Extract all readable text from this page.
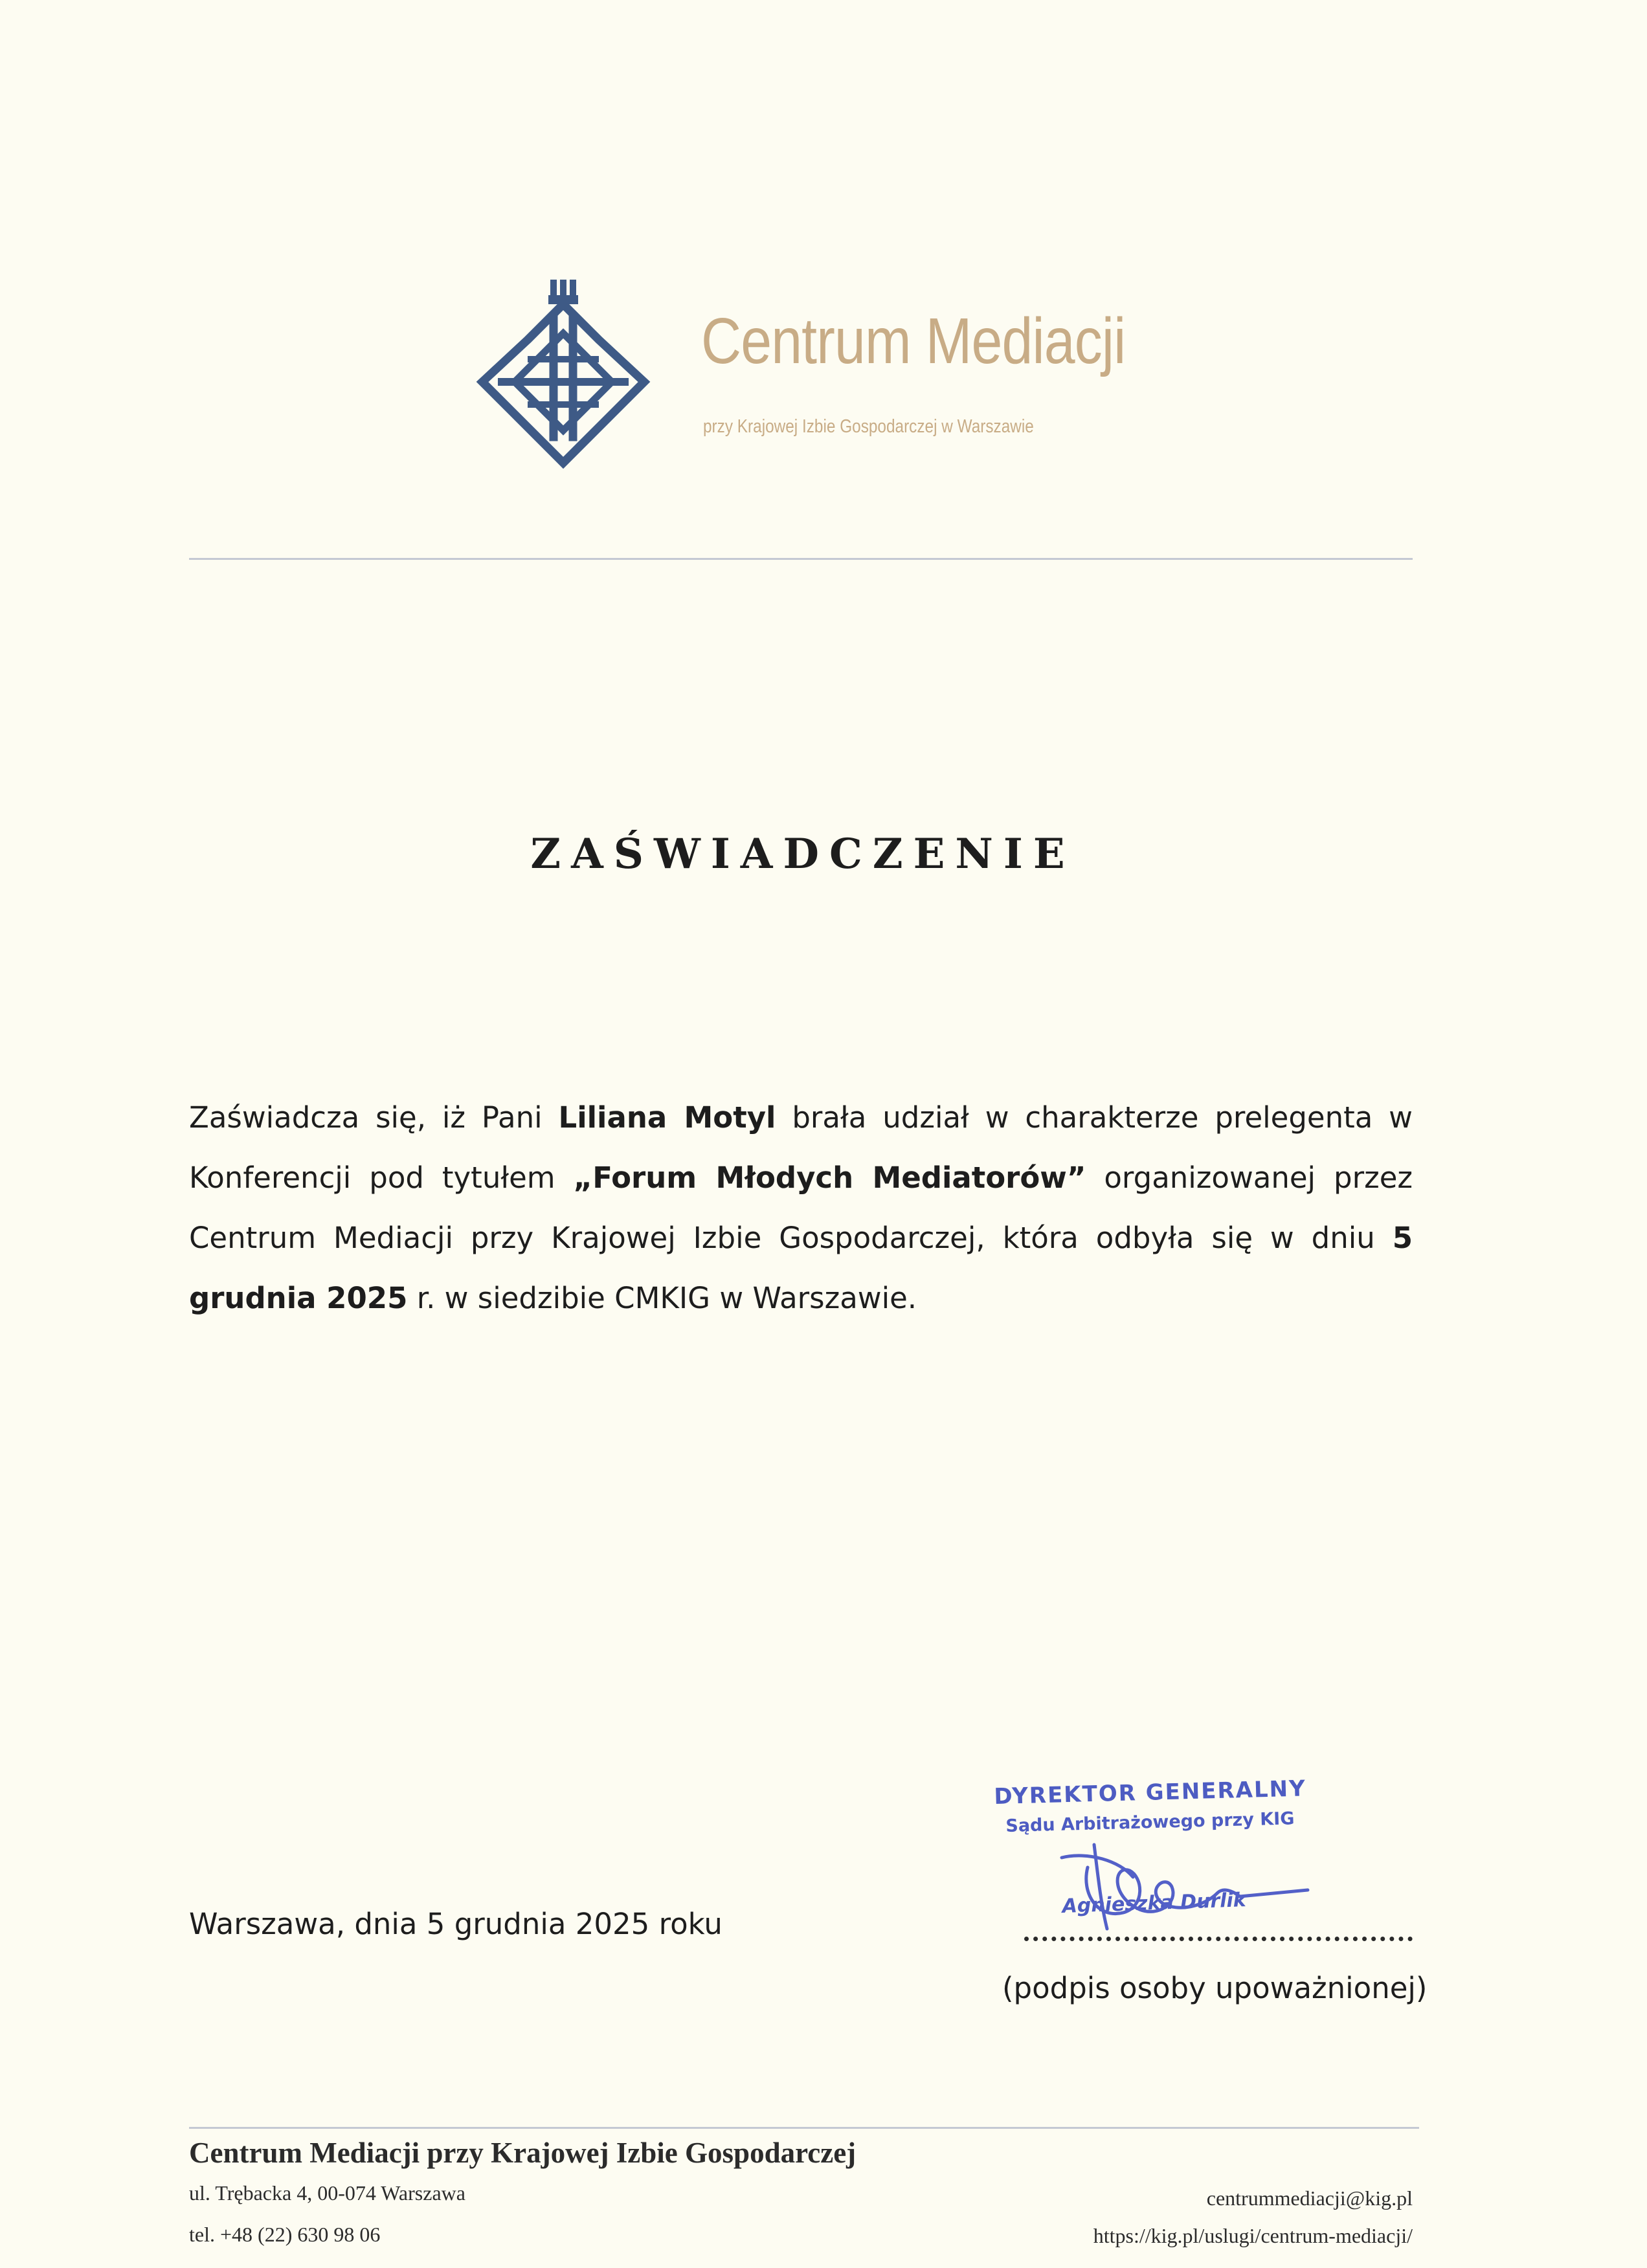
Centrum Mediacji

przy Krajowej Izbie Gospodarczej w Warszawie

ZAŚWIADCZENIE

Zaświadcza się, iż Pani Liliana Motyl brała udział w charakterze prelegenta w Konferencji pod tytułem „Forum Młodych Mediatorów” organizowanej przez Centrum Mediacji przy Krajowej Izbie Gospodarczej, która odbyła się w dniu 5 grudnia 2025 r. w siedzibie CMKIG w Warszawie.

Warszawa, dnia 5 grudnia 2025 roku

DYREKTOR GENERALNY

Sądu Arbitrażowego przy KIG

Agnieszka Durlik

(podpis osoby upoważnionej)

Centrum Mediacji przy Krajowej Izbie Gospodarczej

ul. Trębacka 4, 00-074 Warszawa
tel. +48 (22) 630 98 06
centrummediacji@kig.pl
https://kig.pl/uslugi/centrum-mediacji/
